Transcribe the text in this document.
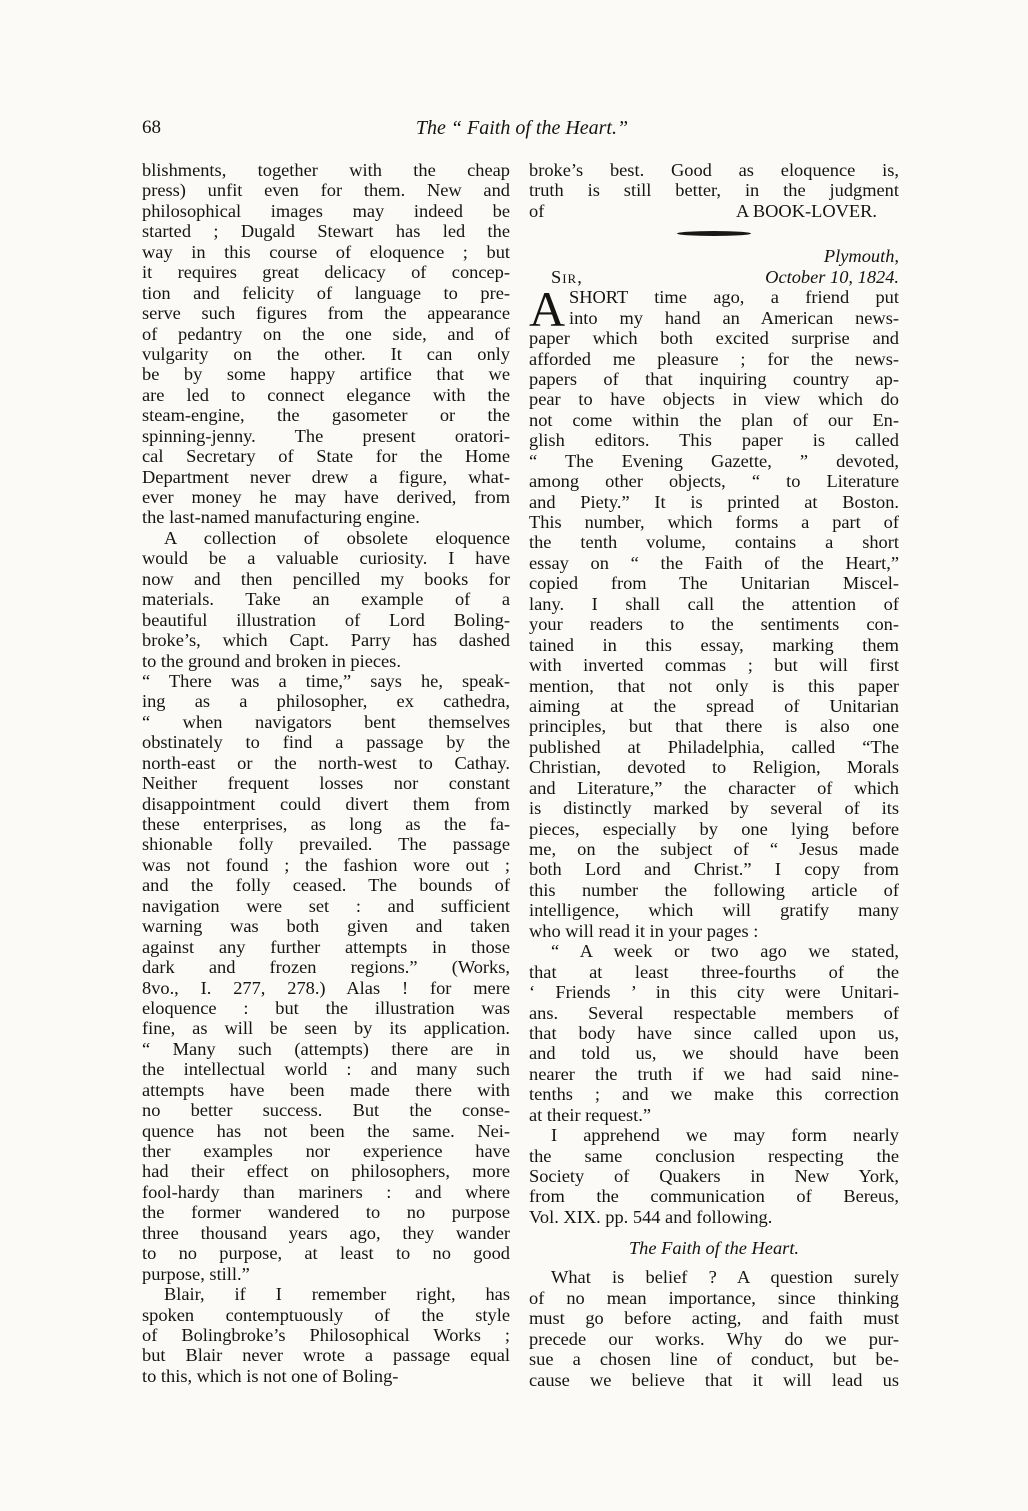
68	The “ Faith of the Heart.”
blishments, together with the cheap
press) unfit even for them. New and
philosophical images may indeed be
started ; Dugald Stewart has led the
way in this course of eloquence ; but
it requires great delicacy of concep-
tion and felicity of language to pre-
serve such figures from the appearance
of pedantry on the one side, and of
vulgarity on the other. It can only
be by some happy artifice that we
are led to connect elegance with the
steam-engine, the gasometer or the
spinning-jenny. The present oratori-
cal Secretary of State for the Home
Department never drew a figure, what-
ever money he may have derived, from
the last-named manufacturing engine.
A collection of obsolete eloquence
would be a valuable curiosity. I have
now and then pencilled my books for
materials. Take an example of a
beautiful illustration of Lord Boling-
broke’s, which Capt. Parry has dashed
to the ground and broken in pieces.
“ There was a time,” says he, speak-
ing as a philosopher, ex cathedra,
“ when navigators bent themselves
obstinately to find a passage by the
north-east or the north-west to Cathay.
Neither frequent losses nor constant
disappointment could divert them from
these enterprises, as long as the fa-
shionable folly prevailed. The passage
was not found ; the fashion wore out ;
and the folly ceased. The bounds of
navigation were set : and sufficient
warning was both given and taken
against any further attempts in those
dark and frozen regions.” (Works,
8vo., I. 277, 278.) Alas ! for mere
eloquence : but the illustration was
fine, as will be seen by its application.
“ Many such (attempts) there are in
the intellectual world : and many such
attempts have been made there with
no better success. But the conse-
quence has not been the same. Nei-
ther examples nor experience have
had their effect on philosophers, more
fool-hardy than mariners : and where
the former wandered to no purpose
three thousand years ago, they wander
to no purpose, at least to no good
purpose, still.”
Blair, if I remember right, has
spoken contemptuously of the style
of Bolingbroke’s Philosophical Works ;
but Blair never wrote a passage equal
to this, which is not one of Boling-
broke’s best. Good as eloquence is,
truth is still better, in the judgment
of	A BOOK-LOVER.
Plymouth,
Sir,	October 10, 1824.
A SHORT time ago, a friend put
into my hand an American news-
paper which both excited surprise and
afforded me pleasure ; for the news-
papers of that inquiring country ap-
pear to have objects in view which do
not come within the plan of our En-
glish editors. This paper is called
“ The Evening Gazette, ” devoted,
among other objects, “ to Literature
and Piety.” It is printed at Boston.
This number, which forms a part of
the tenth volume, contains a short
essay on “ the Faith of the Heart,”
copied from The Unitarian Miscel-
lany. I shall call the attention of
your readers to the sentiments con-
tained in this essay, marking them
with inverted commas ; but will first
mention, that not only is this paper
aiming at the spread of Unitarian
principles, but that there is also one
published at Philadelphia, called “The
Christian, devoted to Religion, Morals
and Literature,” the character of which
is distinctly marked by several of its
pieces, especially by one lying before
me, on the subject of “ Jesus made
both Lord and Christ.” I copy from
this number the following article of
intelligence, which will gratify many
who will read it in your pages :
“ A week or two ago we stated,
that at least three-fourths of the
‘ Friends ’ in this city were Unitari-
ans. Several respectable members of
that body have since called upon us,
and told us, we should have been
nearer the truth if we had said nine-
tenths ; and we make this correction
at their request.”
I apprehend we may form nearly
the same conclusion respecting the
Society of Quakers in New York,
from the communication of Bereus,
Vol. XIX. pp. 544 and following.
The Faith of the Heart.
What is belief ? A question surely
of no mean importance, since thinking
must go before acting, and faith must
precede our works. Why do we pur-
sue a chosen line of conduct, but be-
cause we believe that it will lead us
